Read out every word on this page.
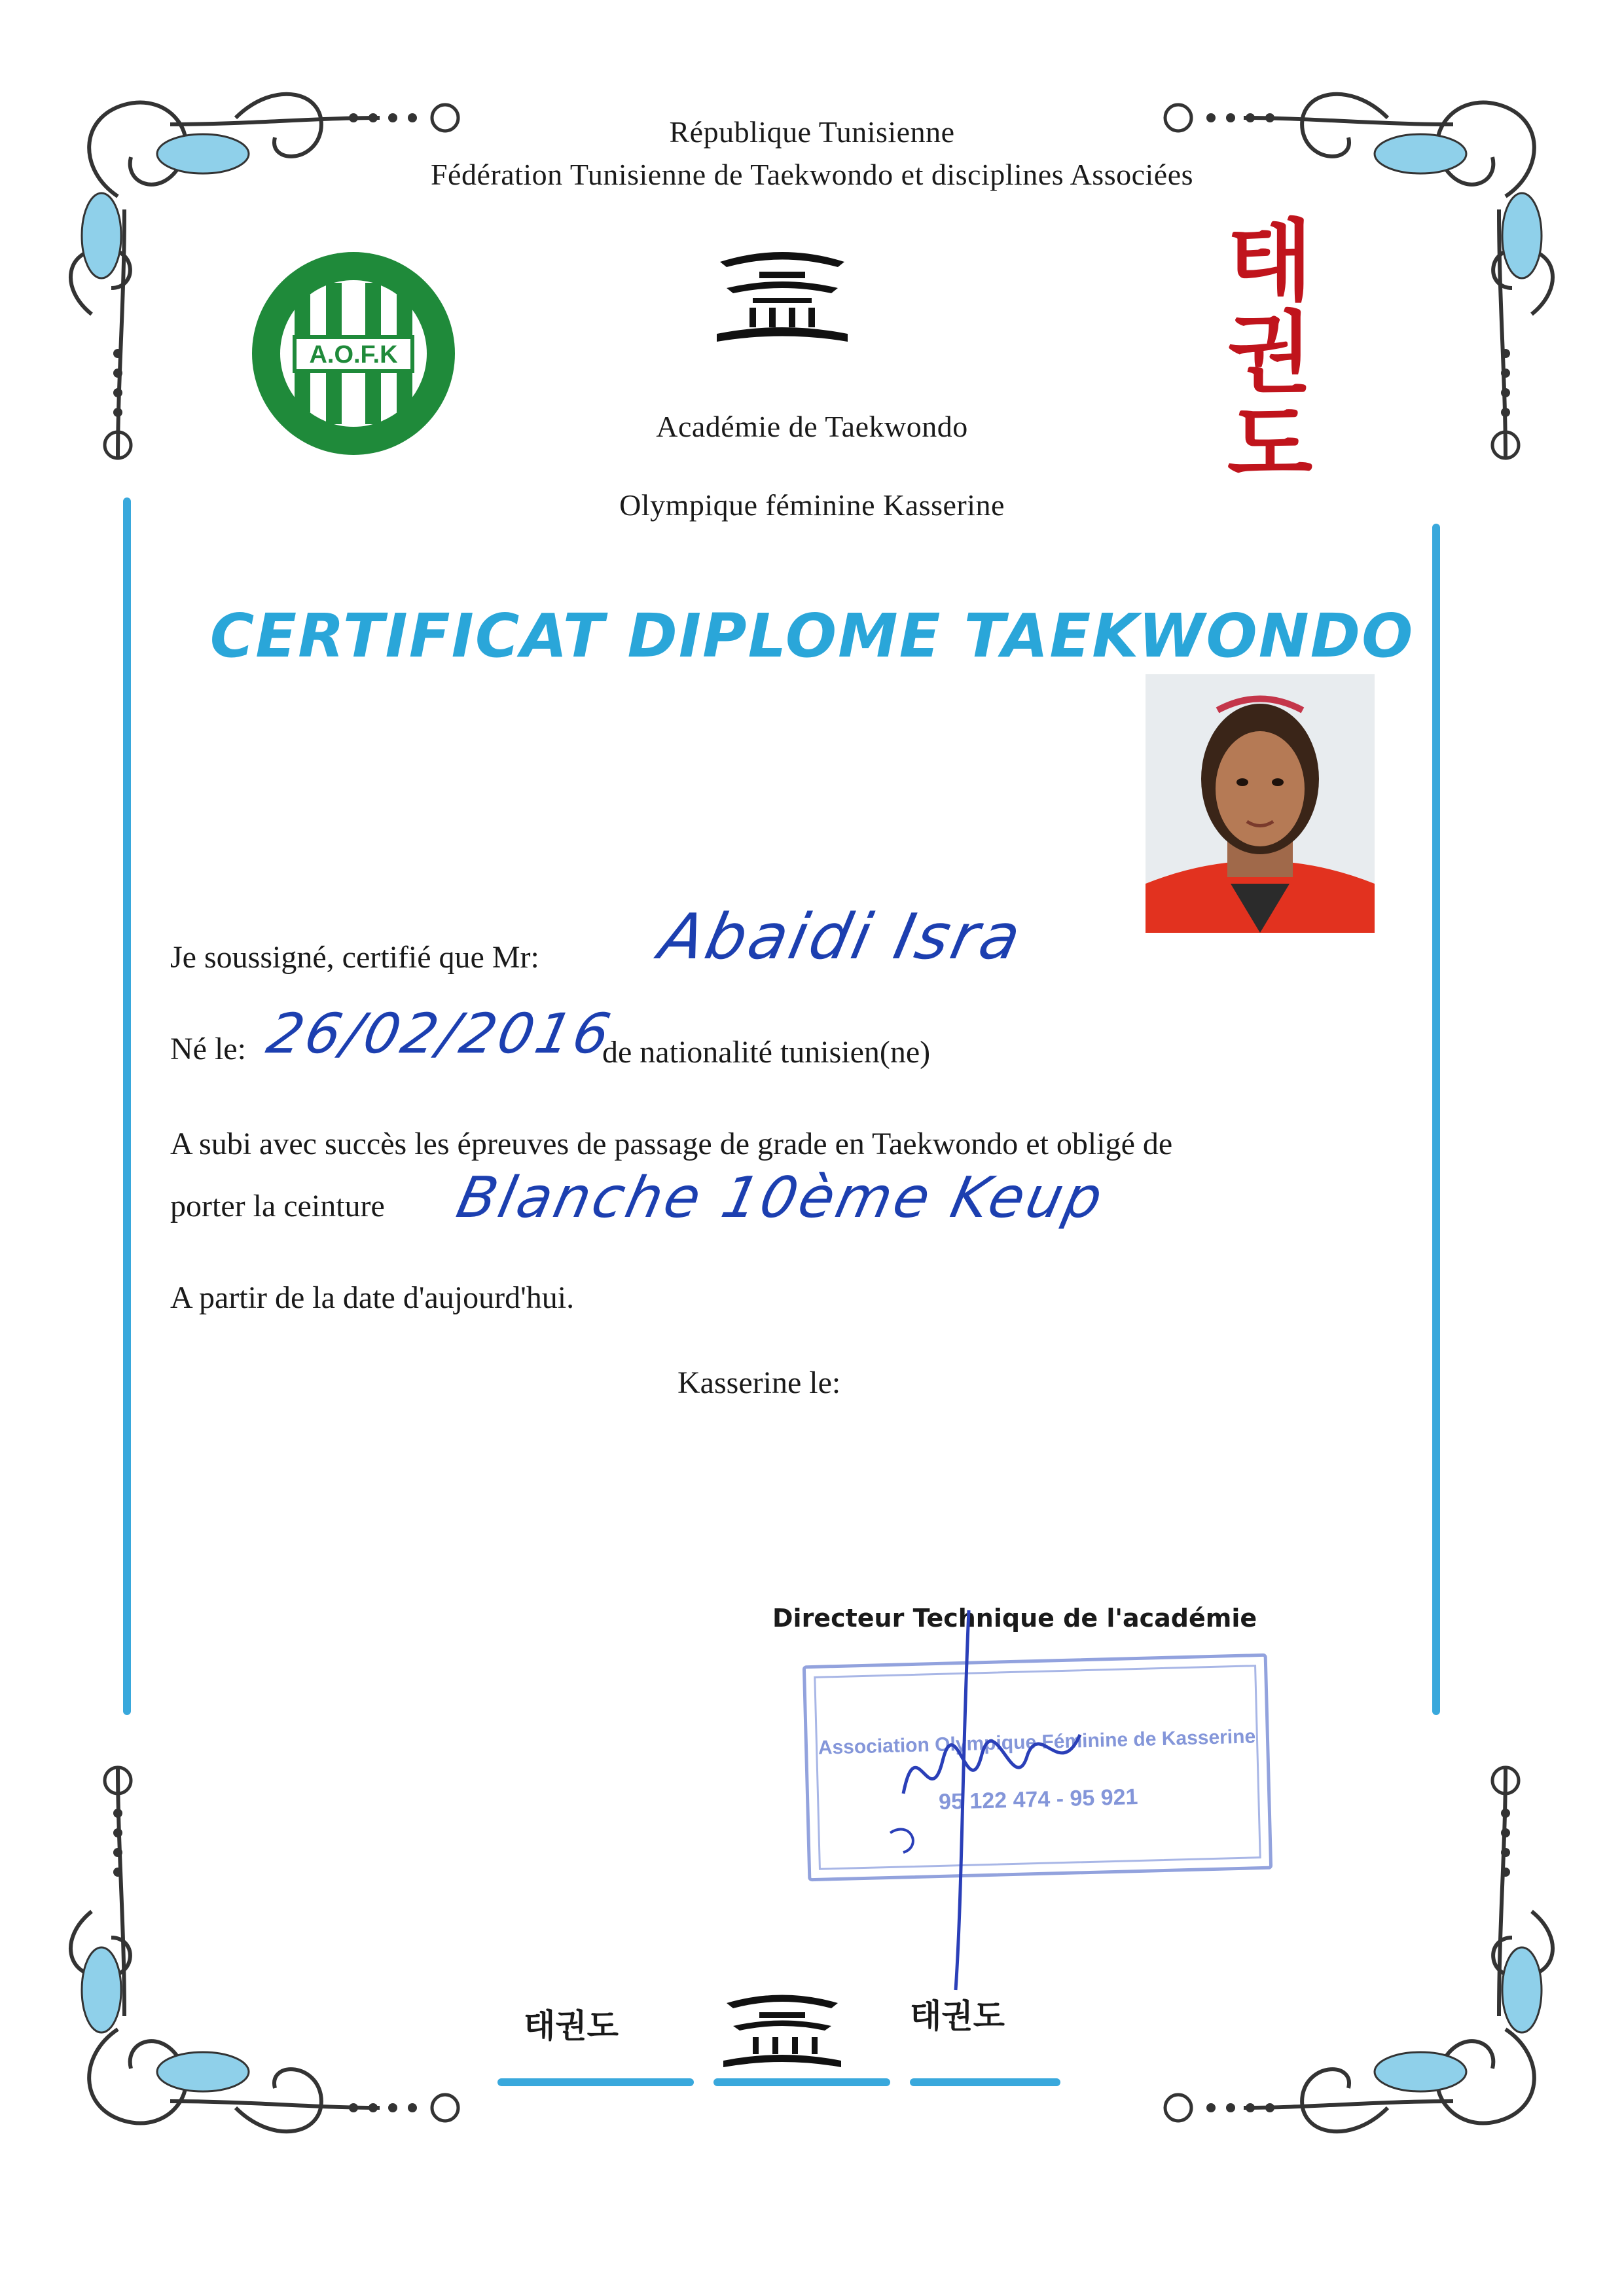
République Tunisienne
Fédération Tunisienne de Taekwondo et disciplines Associées
A.O.F.K
태
권
도
Académie de Taekwondo
Olympique féminine Kasserine
CERTIFICAT DIPLOME TAEKWONDO
Je soussigné, certifié que Mr: Abaidi Isra
Né le: 26/02/2016
de nationalité tunisien(ne)
A subi avec succès les épreuves de passage de grade en Taekwondo et obligé de
porter la ceinture Blanche 10ème Keup
A partir de la date d'aujourd'hui.
Kasserine le:
Directeur Technique de l'académie
Association Olympique Féminine de Kasserine
95 122 474 - 95 921
태권도	태권도
